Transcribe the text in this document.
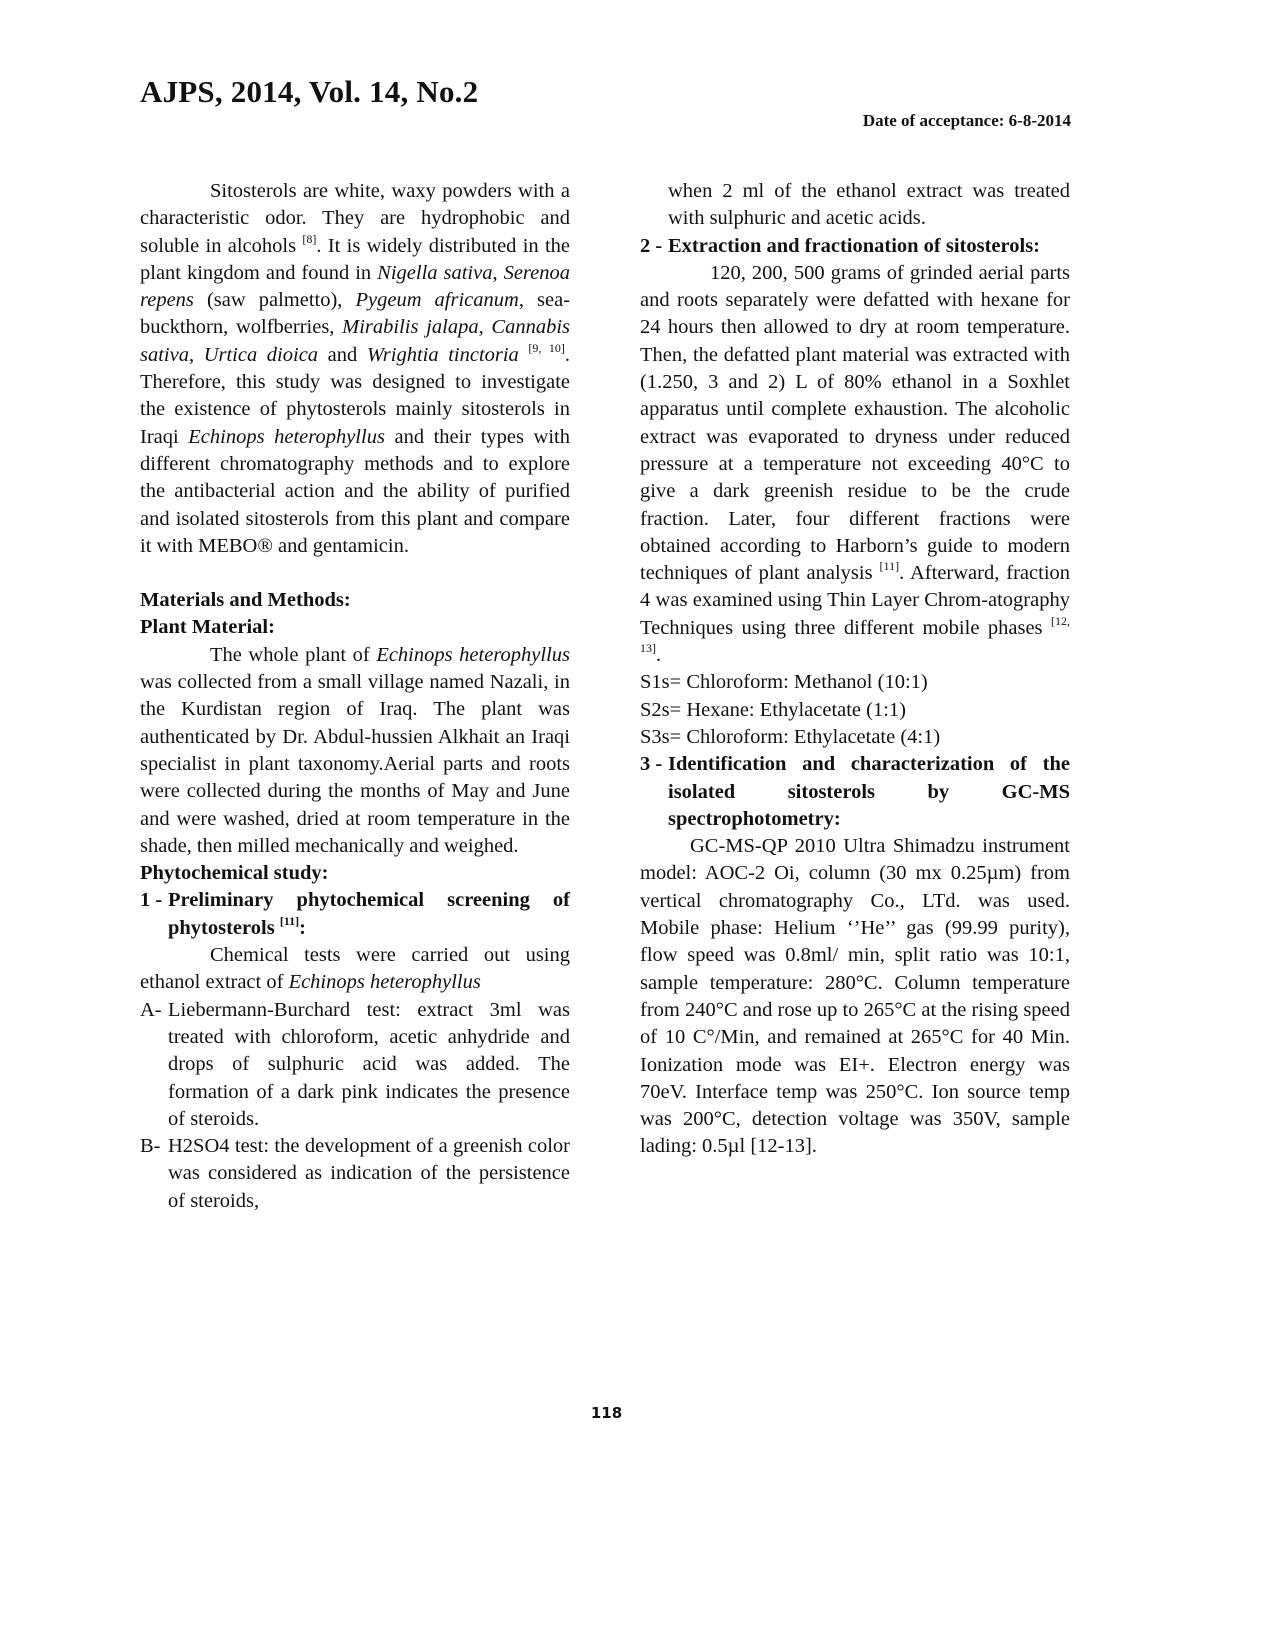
AJPS, 2014, Vol. 14, No.2
Date of acceptance: 6-8-2014

Sitosterols are white, waxy powders with a characteristic odor. They are hydrophobic and soluble in alcohols [8]. It is widely distributed in the plant kingdom and found in Nigella sativa, Serenoa repens (saw palmetto), Pygeum africanum, sea-buckthorn, wolfberries, Mirabilis jalapa, Cannabis sativa, Urtica dioica and Wrightia tinctoria [9, 10]. Therefore, this study was designed to investigate the existence of phytosterols mainly sitosterols in Iraqi Echinops heterophyllus and their types with different chromatography methods and to explore the antibacterial action and the ability of purified and isolated sitosterols from this plant and compare it with MEBO® and gentamicin.

Materials and Methods:

Plant Material:

The whole plant of Echinops heterophyllus was collected from a small village named Nazali, in the Kurdistan region of Iraq. The plant was authenticated by Dr. Abdul-hussien Alkhait an Iraqi specialist in plant taxonomy.Aerial parts and roots were collected during the months of May and June and were washed, dried at room temperature in the shade, then milled mechanically and weighed.

Phytochemical study:

1 - Preliminary phytochemical screening of phytosterols [11]:

Chemical tests were carried out using ethanol extract of Echinops heterophyllus

A- Liebermann-Burchard test: extract 3ml was treated with chloroform, acetic anhydride and drops of sulphuric acid was added. The formation of a dark pink indicates the presence of steroids.
B- H2SO4 test: the development of a greenish color was considered as indication of the persistence of steroids,
when 2 ml of the ethanol extract was treated with sulphuric and acetic acids.
2 - Extraction and fractionation of sitosterols:

120, 200, 500 grams of grinded aerial parts and roots separately were defatted with hexane for 24 hours then allowed to dry at room temperature. Then, the defatted plant material was extracted with (1.250, 3 and 2) L of 80% ethanol in a Soxhlet apparatus until complete exhaustion. The alcoholic extract was evaporated to dryness under reduced pressure at a temperature not exceeding 40°C to give a dark greenish residue to be the crude fraction. Later, four different fractions were obtained according to Harborn’s guide to modern techniques of plant analysis [11]. Afterward, fraction 4 was examined using Thin Layer Chrom-atography Techniques using three different mobile phases [12, 13].

S1s= Chloroform: Methanol (10:1)

S2s= Hexane: Ethylacetate (1:1)

S3s= Chloroform: Ethylacetate (4:1)

3 - Identification and characterization of the isolated sitosterols by GC-MS spectrophotometry:

GC-MS-QP 2010 Ultra Shimadzu instrument model: AOC-2 Oi, column (30 mx 0.25µm) from vertical chromatography Co., LTd. was used. Mobile phase: Helium ‘’He’’ gas (99.99 purity), flow speed was 0.8ml/ min, split ratio was 10:1, sample temperature: 280°C. Column temperature from 240°C and rose up to 265°C at the rising speed of 10 C°/Min, and remained at 265°C for 40 Min. Ionization mode was EI+. Electron energy was 70eV. Interface temp was 250°C. Ion source temp was 200°C, detection voltage was 350V, sample lading: 0.5µl [12-13].

118
